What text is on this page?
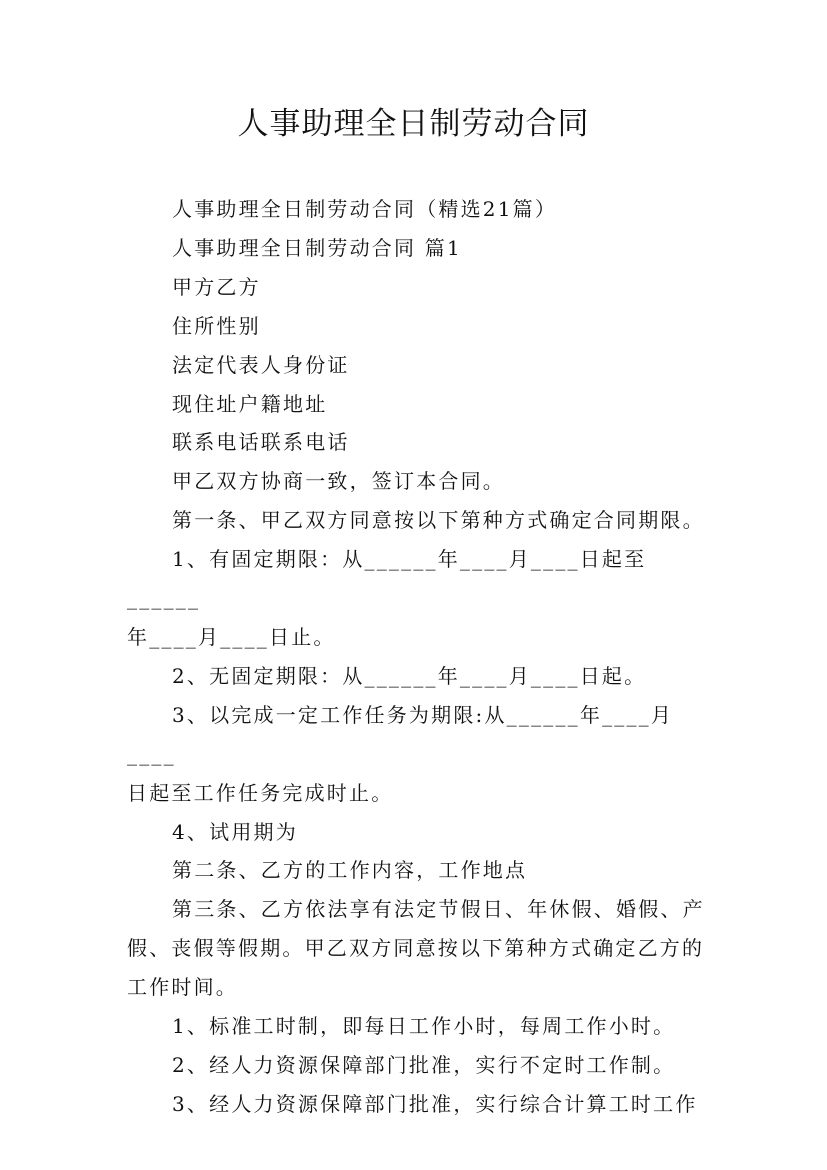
人事助理全日制劳动合同

人事助理全日制劳动合同（精选21篇）

人事助理全日制劳动合同 篇1

甲方乙方

住所性别

法定代表人身份证

现住址户籍地址

联系电话联系电话

甲乙双方协商一致，签订本合同。

第一条、甲乙双方同意按以下第种方式确定合同期限。

1、有固定期限：从______年____月____日起至______

年____月____日止。

2、无固定期限：从______年____月____日起。

3、以完成一定工作任务为期限:从______年____月____

日起至工作任务完成时止。

4、试用期为

第二条、乙方的工作内容，工作地点

第三条、乙方依法享有法定节假日、年休假、婚假、产

假、丧假等假期。甲乙双方同意按以下第种方式确定乙方的

工作时间。

1、标准工时制，即每日工作小时，每周工作小时。

2、经人力资源保障部门批准，实行不定时工作制。

3、经人力资源保障部门批准，实行综合计算工时工作
